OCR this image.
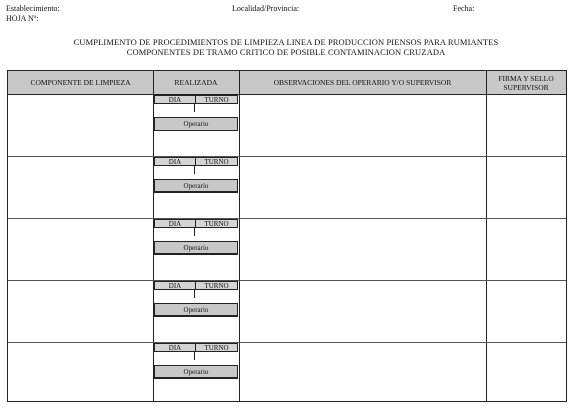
Establecimiento:
HOJA Nº:
Localidad/Provincia:	Fecha:
CUMPLIMENTO DE PROCEDIMIENTOS DE LIMPIEZA LINEA DE PRODUCCION PIENSOS PARA RUMIANTES
COMPONENTES DE TRAMO CRITICO DE POSIBLE CONTAMINACION CRUZADA
COMPONENTE DE LIMPIEZA	REALIZADA	OBSERVACIONES DEL OPERARIO Y/O SUPERVISOR	FIRMA Y SELLO
SUPERVISOR
DIA	TURNO
Operario
DIA	TURNO
Operario
DIA	TURNO
Operario
DIA	TURNO
Operario
DIA	TURNO
Operario
